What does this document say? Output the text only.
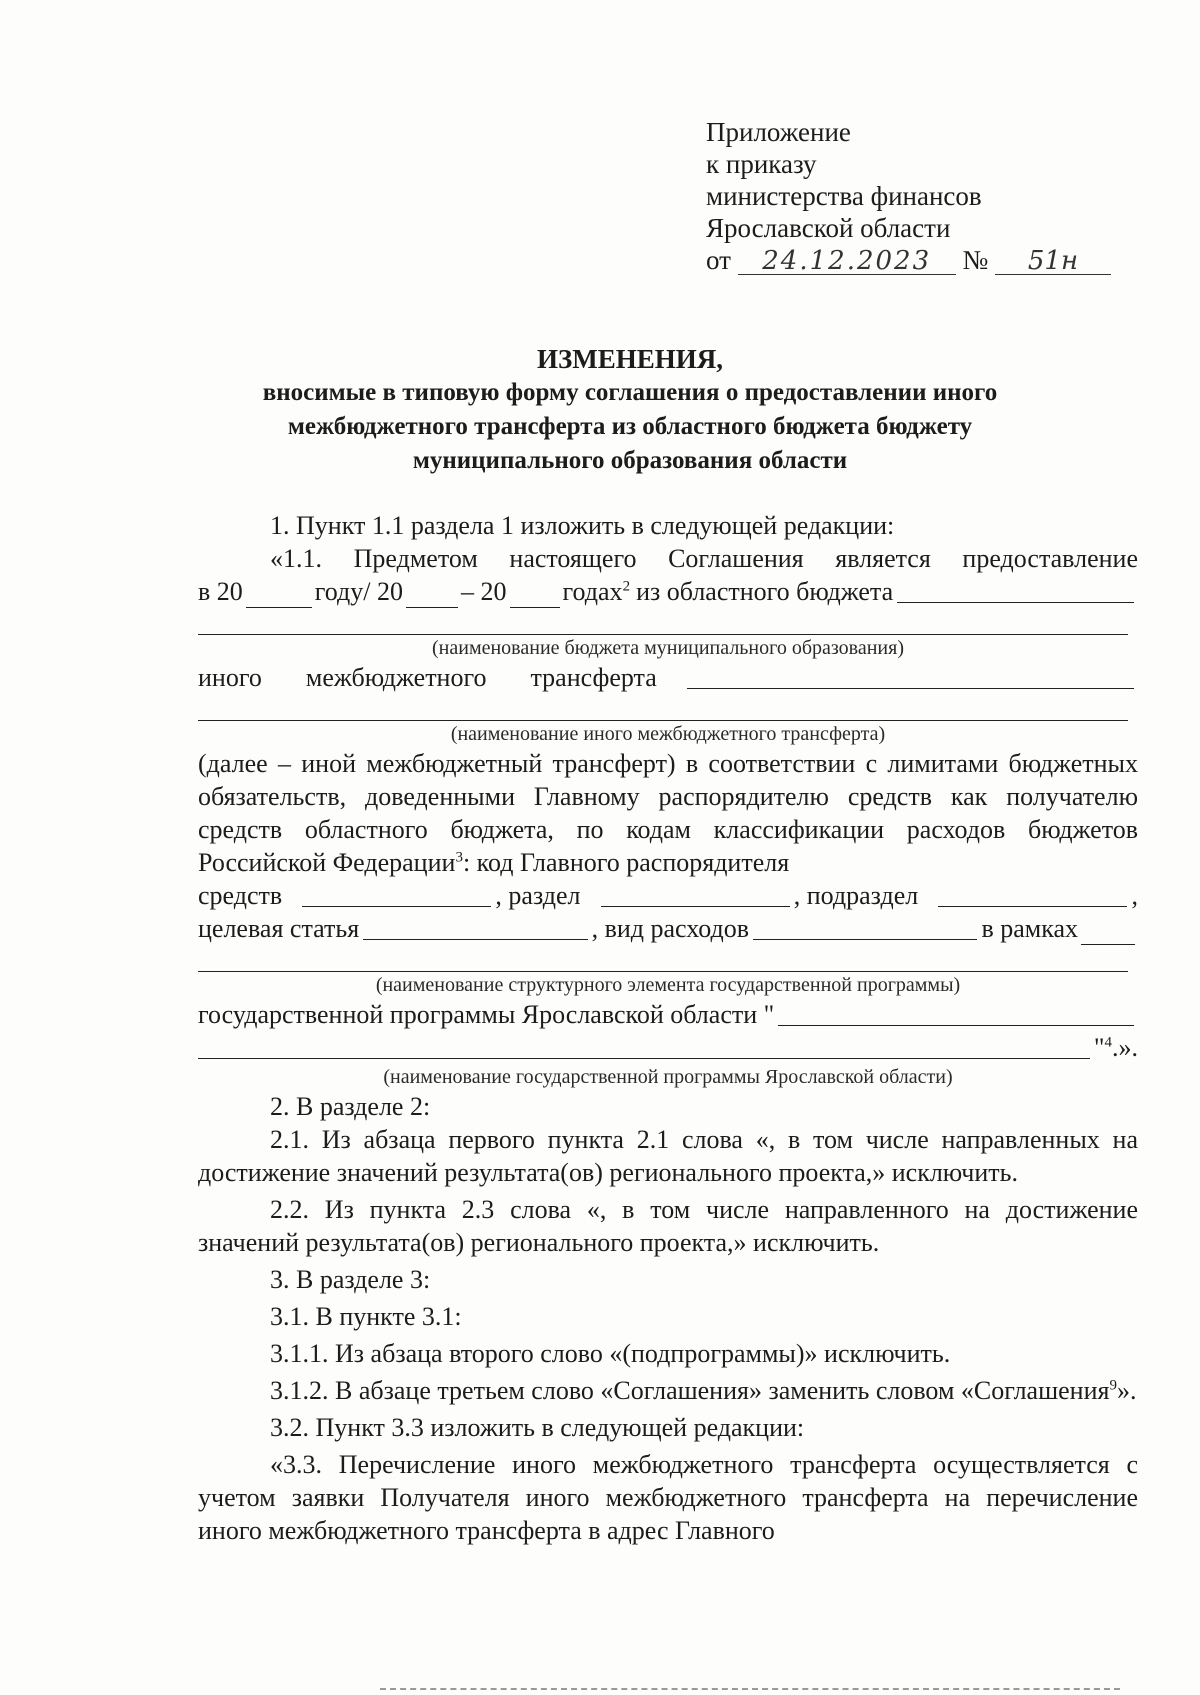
Приложение
к приказу
министерства финансов
Ярославской области
от 24.12.2023 № 51н
ИЗМЕНЕНИЯ,
вносимые в типовую форму соглашения о предоставлении иного
межбюджетного трансферта из областного бюджета бюджету
муниципального образования области

1. Пункт 1.1 раздела 1 изложить в следующей редакции:

«1.1. Предметом настоящего Соглашения является предоставление

в 20	году/ 20 – 20 годах$^2$ из областного бюджета
(наименование бюджета муниципального образования)
иного межбюджетного трансферта
(наименование иного межбюджетного трансферта)

(далее – иной межбюджетный трансферт) в соответствии с лимитами бюджетных обязательств, доведенными Главному распорядителю средств как получателю средств областного бюджета, по кодам классификации расходов бюджетов Российской Федерации$^3$: код Главного распорядителя

средств	, раздел	, подраздел	,
целевая статья	, вид расходов	в рамках
(наименование структурного элемента государственной программы)
государственной программы Ярославской области "
"$^4$.».
(наименование государственной программы Ярославской области)

2. В разделе 2:

2.1. Из абзаца первого пункта 2.1 слова «, в том числе направленных на достижение значений результата(ов) регионального проекта,» исключить.

2.2. Из пункта 2.3 слова «, в том числе направленного на достижение значений результата(ов) регионального проекта,» исключить.

3. В разделе 3:

3.1. В пункте 3.1:

3.1.1. Из абзаца второго слово «(подпрограммы)» исключить.

3.1.2. В абзаце третьем слово «Соглашения» заменить словом «Соглашения$^9$».

3.2. Пункт 3.3 изложить в следующей редакции:

«3.3. Перечисление иного межбюджетного трансферта осуществляется с учетом заявки Получателя иного межбюджетного трансферта на перечисление иного межбюджетного трансферта в адрес Главного
